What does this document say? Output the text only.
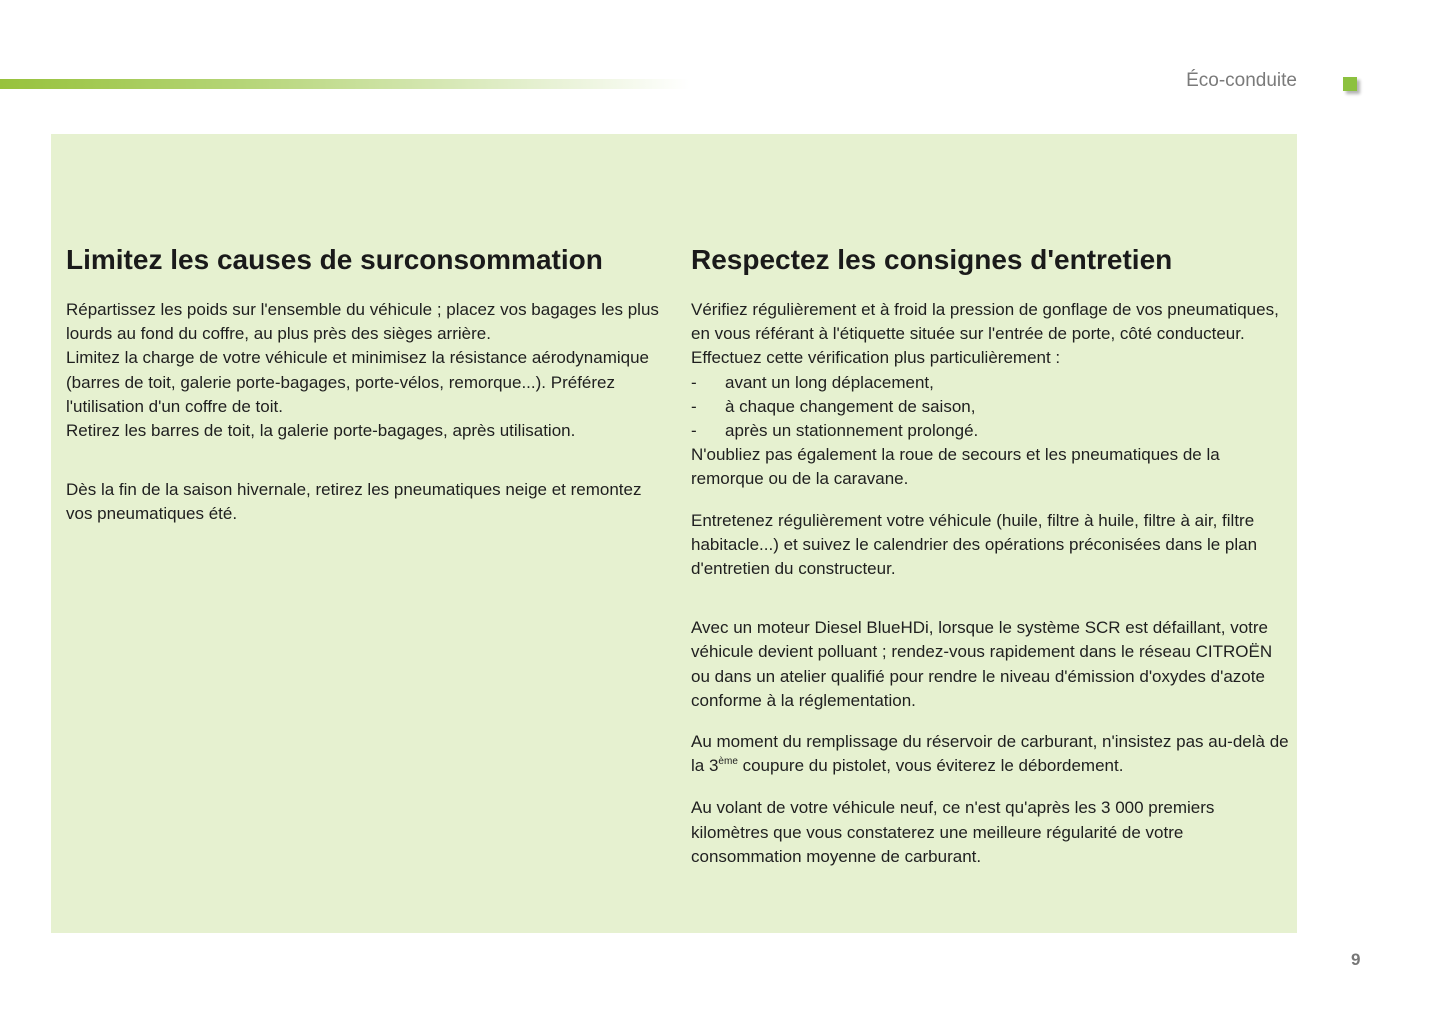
Éco-conduite
Limitez les causes de surconsommation

Répartissez les poids sur l'ensemble du véhicule ; placez vos bagages les plus lourds au fond du coffre, au plus près des sièges arrière.

Limitez la charge de votre véhicule et minimisez la résistance aérodynamique (barres de toit, galerie porte-bagages, porte-vélos, remorque...). Préférez l'utilisation d'un coffre de toit.

Retirez les barres de toit, la galerie porte-bagages, après utilisation.

Dès la fin de la saison hivernale, retirez les pneumatiques neige et remontez vos pneumatiques été.

Respectez les consignes d'entretien

Vérifiez régulièrement et à froid la pression de gonflage de vos pneumatiques, en vous référant à l'étiquette située sur l'entrée de porte, côté conducteur.

Effectuez cette vérification plus particulièrement :

- avant un long déplacement,
- à chaque changement de saison,
- après un stationnement prolongé.

N'oubliez pas également la roue de secours et les pneumatiques de la remorque ou de la caravane.

Entretenez régulièrement votre véhicule (huile, filtre à huile, filtre à air, filtre habitacle...) et suivez le calendrier des opérations préconisées dans le plan d'entretien du constructeur.

Avec un moteur Diesel BlueHDi, lorsque le système SCR est défaillant, votre véhicule devient polluant ; rendez-vous rapidement dans le réseau CITROËN ou dans un atelier qualifié pour rendre le niveau d'émission d'oxydes d'azote conforme à la réglementation.

Au moment du remplissage du réservoir de carburant, n'insistez pas au-delà de la 3ème coupure du pistolet, vous éviterez le débordement.

Au volant de votre véhicule neuf, ce n'est qu'après les 3 000 premiers kilomètres que vous constaterez une meilleure régularité de votre consommation moyenne de carburant.

9
